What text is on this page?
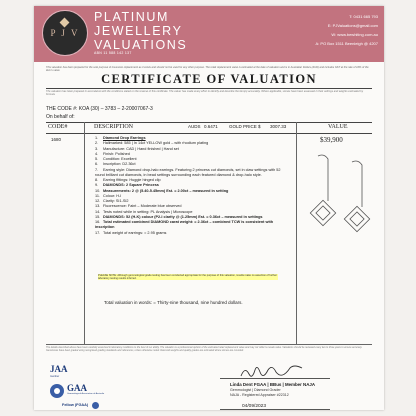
P J V
PLATINUM
JEWELLERY
VALUATIONS
ABN 11 588 142 137
T: 0431 665 793
E: PJValuations@gmail.com
W: www.bewhiting.com.au
A: PO Box 1511 Beenleigh @ 4207
This valuation has been prepared for the sole purpose of insurance replacement as it exists and should not be used for any other purpose. The retail replacement value is estimated at the date of valuation and is in Australian Dollars (AUD) and includes GST at the rate of 10% of the item's value.
CERTIFICATE OF VALUATION
The valuation has been prepared in accordance with the conditions stated on the reverse of this certificate. The valuer has made every effort to identify and describe the item(s) accurately. Where applicable, stones have been assessed in their settings and weights estimated by formula.
THE CODE #: KOA (30) – 3783 – 2-20007067-3
On behalf of:
CODE#	DESCRIPTION	AUDS 0.6471 GOLD PRICE $ 3007.33	VALUE
1680	1. Diamond Drop Earrings
2. Hallmarked: 585 | In 14ct YELLOW gold – with rhodium plating
3. Manufacture: CAD | Hand finished | Hand set
4. Finish: Polished
5. Condition: Excellent
6. Inscription: D2.36ct
7. Earring style: Diamond drop-halo earrings. Featuring 2 princess cut diamonds, set in claw settings with 52 round brilliant cut diamonds, in bead settings surrounding each featured diamond & drop-halo style.
8. Earring fittings: Huggie hinged clip
9. DIAMONDS: 2 Square Princess
10. Measurements: 2 @ (5.40-5.45mm) Est. = 2.00ct – measured in setting
11. Colour: H-I
12. Clarity: SI1-SI2
13. Fluorescence: Faint – Moderate blue observed
14. Tests noted while in setting: PL Analysis | Microscope
15. DIAMONDS: 52 (H-K) colour (P2-I clarity @ (1.25mm) Est. = 0.36ct – measured in settings
16. Total estimated combined DIAMOND carat weight: = 2.36ct – combined TCW is consistent with inscription
17. Total weight of earrings: = 2.95 grams
$39,900
PLEASE NOTE: Although gemmological grade testing has been conducted appropriate for the purpose of this valuation, results make no assertion of further laboratory testing results inferred.
Total valuation in words: = Thirty-nine thousand, nine hundred dollars.
The details described above have been carefully examined in laboratory conditions to the best of our ability. The valuation is a professional opinion of the estimated retail replacement value and may not reflect a resale value. Valuations should be reviewed every two to three years to ensure accuracy. Gemstones have been graded using recognised grading standards and references, unless otherwise noted. Diamond weights and quality grades are estimated where stones are mounted.
JAA
member
GAA
Gemmological Association of Australia
Fellow (FGAA)
Linda Dent FGAA | BBus | Member NAJA
Gemmologist | Diamond Grader
NAJA - Registered Appraiser #22312
04/09/2023
